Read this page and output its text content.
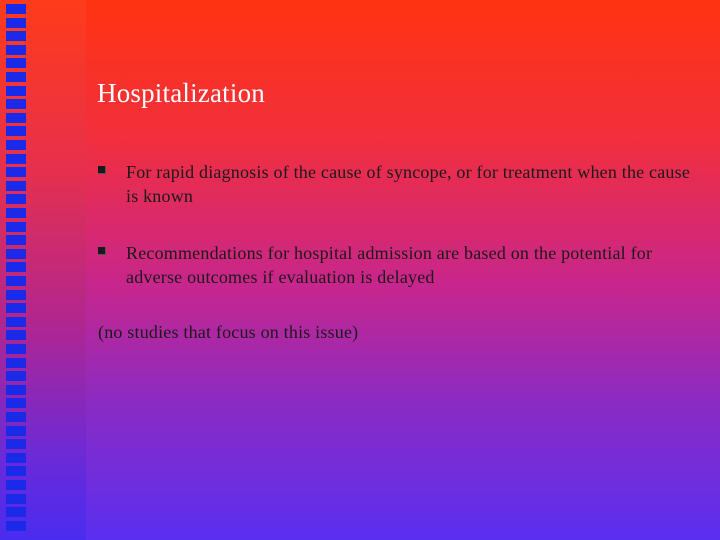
Hospitalization
For rapid diagnosis of the cause of syncope, or for treatment when the cause is known
Recommendations for hospital admission are based on the potential for adverse outcomes if evaluation is delayed
(no studies that focus on this issue)
